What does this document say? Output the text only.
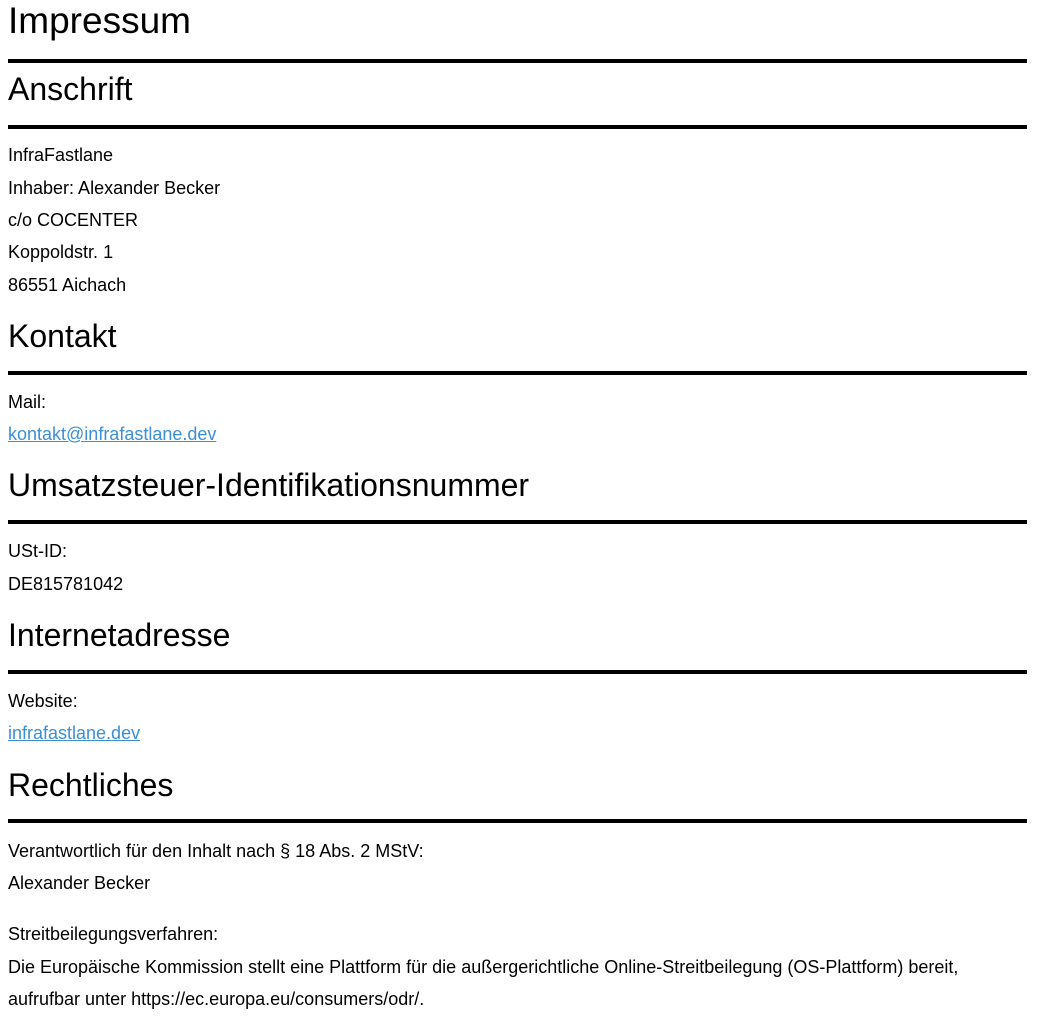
Impressum
Anschrift
InfraFastlane
Inhaber: Alexander Becker
c/o COCENTER
Koppoldstr. 1
86551 Aichach
Kontakt
Mail:
kontakt@infrafastlane.dev
Umsatzsteuer-Identifikationsnummer
USt-ID:
DE815781042
Internetadresse
Website:
infrafastlane.dev
Rechtliches
Verantwortlich für den Inhalt nach § 18 Abs. 2 MStV:
Alexander Becker
Streitbeilegungsverfahren:
Die Europäische Kommission stellt eine Plattform für die außergerichtliche Online-Streitbeilegung (OS-Plattform) bereit,
aufrufbar unter https://ec.europa.eu/consumers/odr/.
